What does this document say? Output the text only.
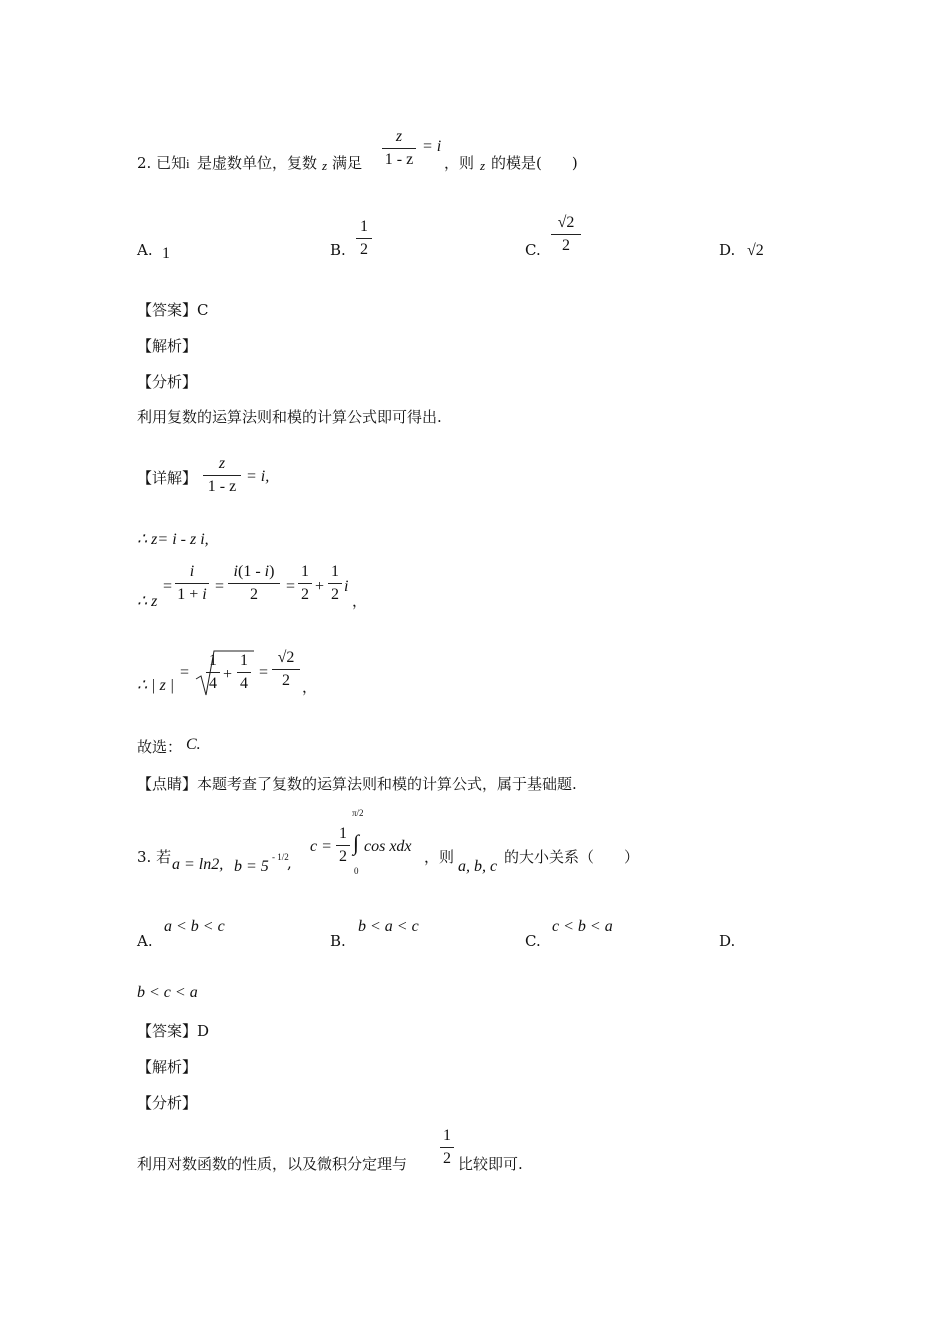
2. 已知 i 是虚数单位，复数 z 满足
z
1 - z
= i
，则 z 的模是(　　)
A. 1	B.
1
2	C.
√2
2	D. √2
【答案】C
【解析】
【分析】
利用复数的运算法则和模的计算公式即可得出.
【详解】
z
1 - z
= i,
∴ z= i - z i,
∴ z
=
i
1 + i =
i(1 - i)
2	=
1
2 +
1
2 i
，
∴ | z |
=
1
4
+
1
4
=
√2
2 ，
故选： C.
【点睛】本题考查了复数的运算法则和模的计算公式，属于基础题.
3. 若 a = ln2, b = 5
- 1/2
,
c =
1
2
π/2
∫
0
cos xdx
，则
a, b, c
的大小关系（　　）
A.
a < b < c
B.
b < a < c
C.
c < b < a
D.
b < c < a
【答案】D
【解析】
【分析】
利用对数函数的性质，以及微积分定理与
1
2 比较即可.
